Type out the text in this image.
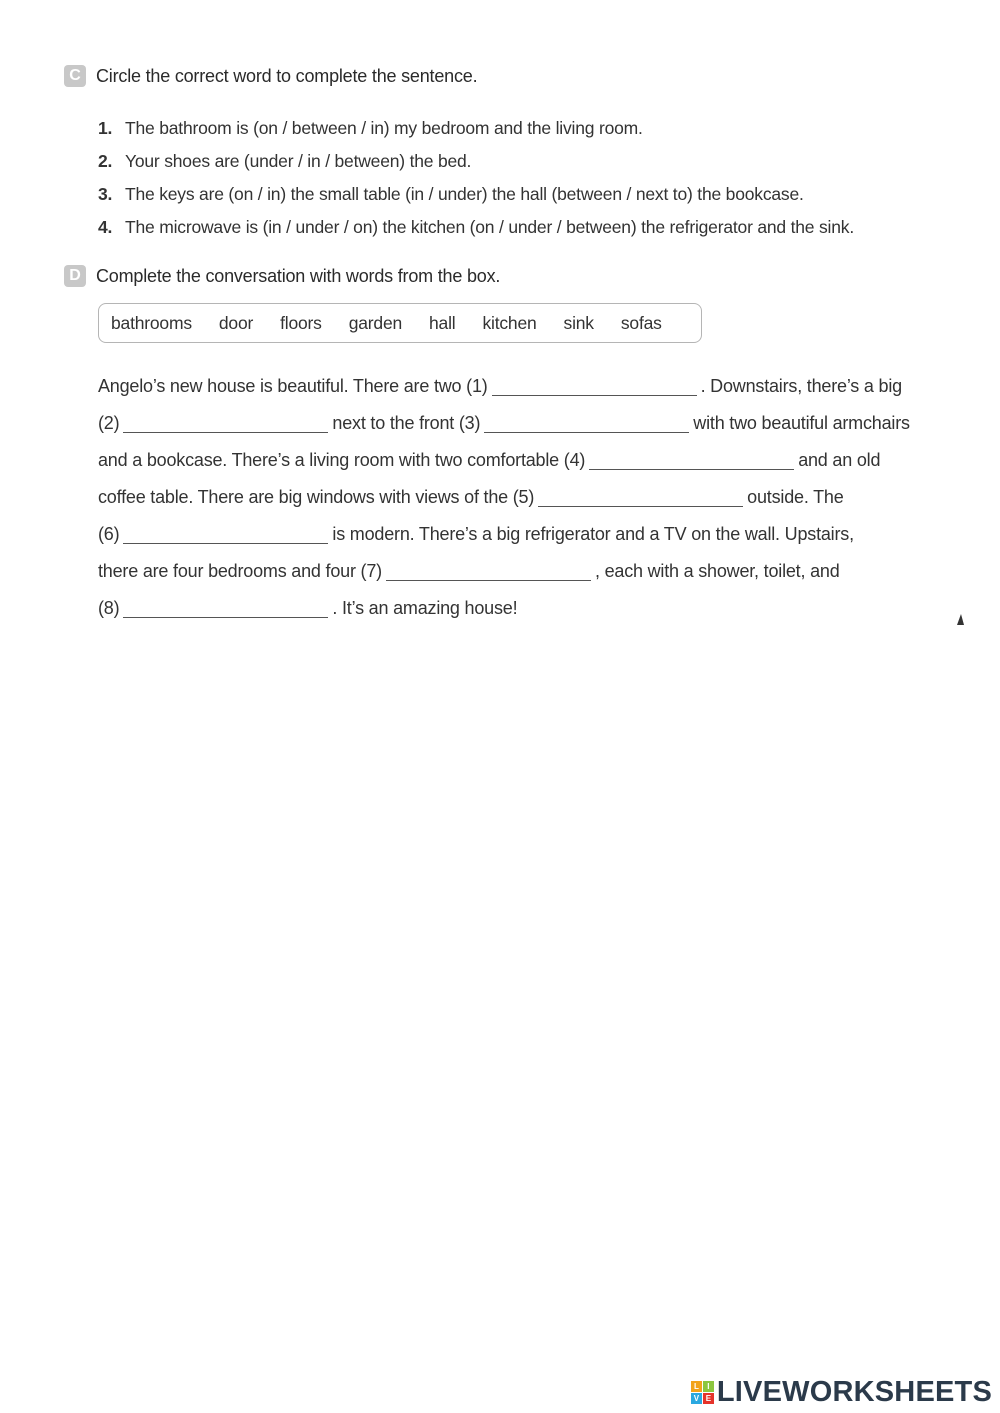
C Circle the correct word to complete the sentence.
1. The bathroom is (on / between / in) my bedroom and the living room.
2. Your shoes are (under / in / between) the bed.
3. The keys are (on / in) the small table (in / under) the hall (between / next to) the bookcase.
4. The microwave is (in / under / on) the kitchen (on / under / between) the refrigerator and the sink.
D Complete the conversation with words from the box.
bathrooms door floors garden hall kitchen sink sofas
Angelo’s new house is beautiful. There are two (1)	. Downstairs, there’s a big
(2)	next to the front (3)	with two beautiful armchairs
and a bookcase. There’s a living room with two comfortable (4)	and an old
coffee table. There are big windows with views of the (5)	outside. The
(6)	is modern. There’s a big refrigerator and a TV on the wall. Upstairs,
there are four bedrooms and four (7)	, each with a shower, toilet, and
(8)	. It’s an amazing house!
L	I
V E LIVEWORKSHEETS
